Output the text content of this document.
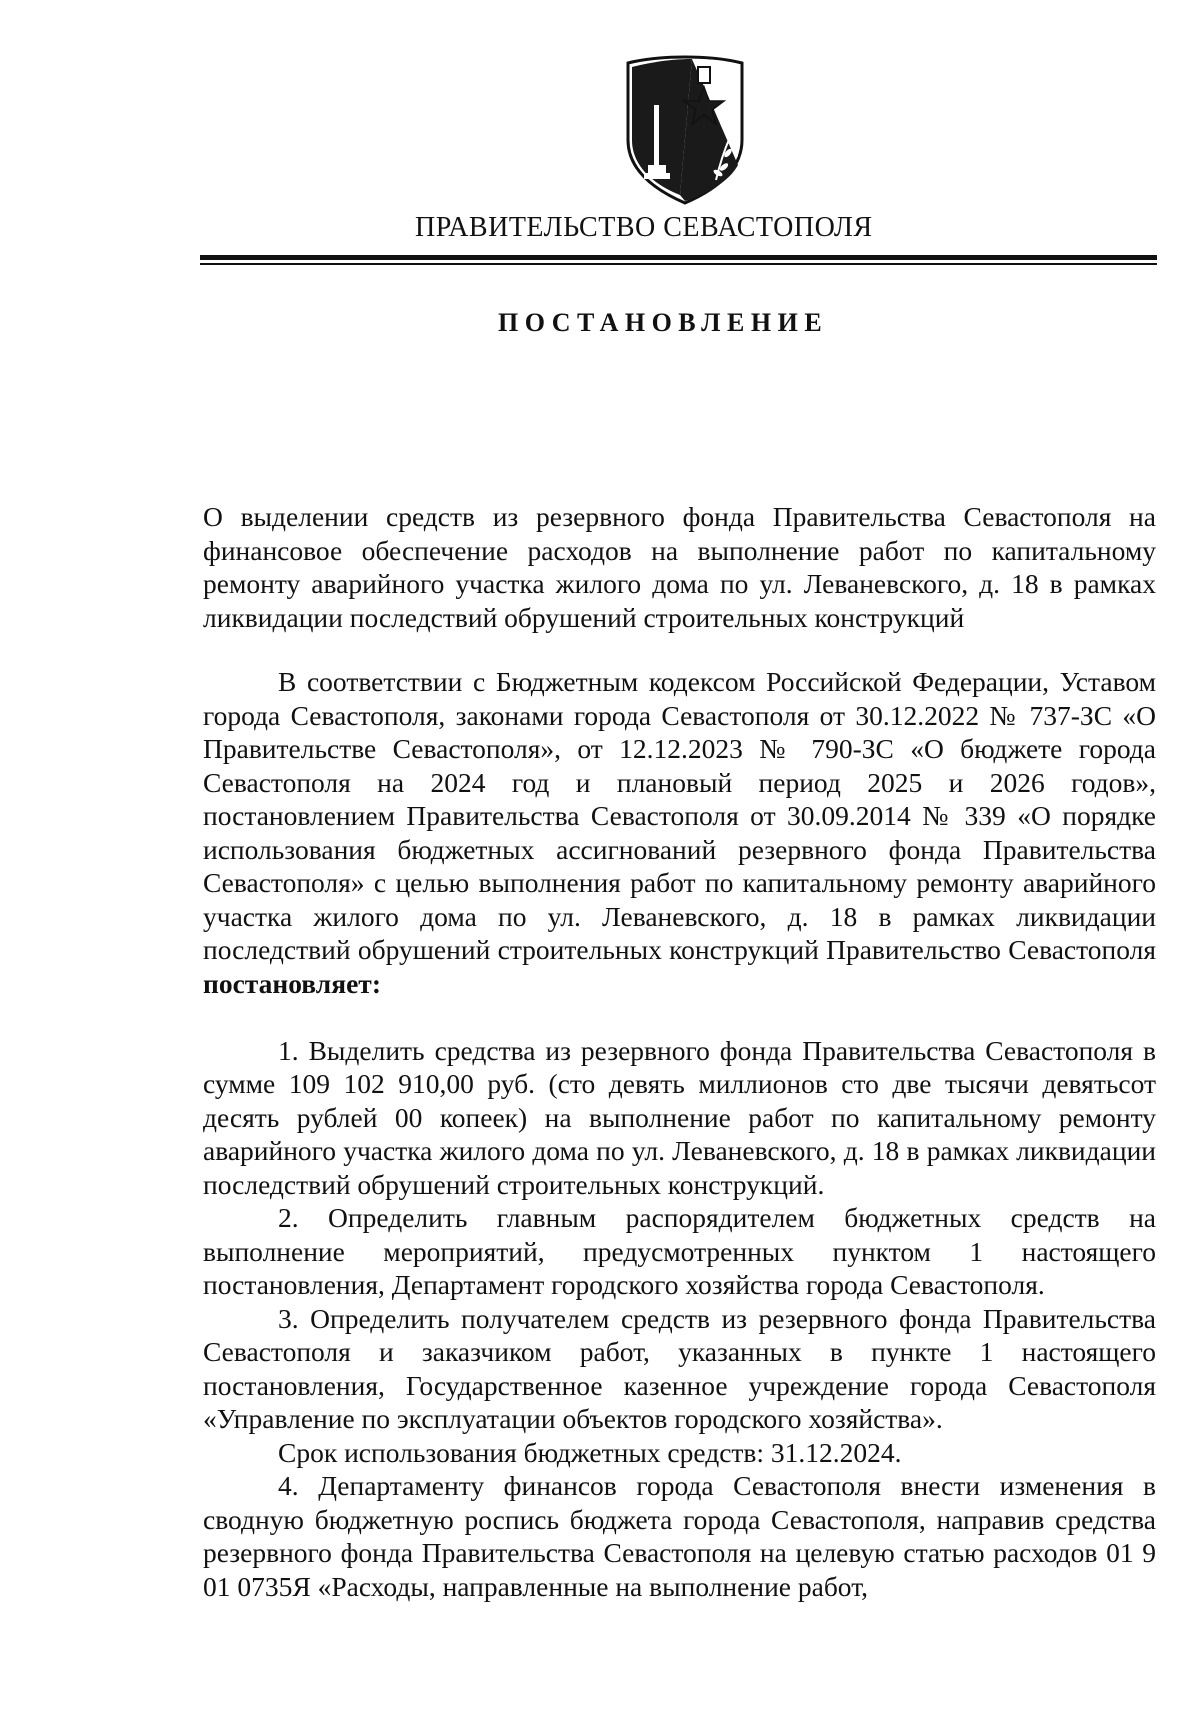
ПРАВИТЕЛЬСТВО СЕВАСТОПОЛЯ
ПОСТАНОВЛЕНИЕ
О выделении средств из резервного фонда Правительства Севастополя на финансовое обеспечение расходов на выполнение работ по капитальному ремонту аварийного участка жилого дома по ул. Леваневского, д. 18 в рамках ликвидации последствий обрушений строительных конструкций

В соответствии с Бюджетным кодексом Российской Федерации, Уставом города Севастополя, законами города Севастополя от 30.12.2022 № 737-ЗС «О Правительстве Севастополя», от 12.12.2023 № 790-ЗС «О бюджете города Севастополя на 2024 год и плановый период 2025 и 2026 годов», постановлением Правительства Севастополя от 30.09.2014 № 339 «О порядке использования бюджетных ассигнований резервного фонда Правительства Севастополя» с целью выполнения работ по капитальному ремонту аварийного участка жилого дома по ул. Леваневского, д. 18 в рамках ликвидации последствий обрушений строительных конструкций Правительство Севастополя постановляет:

1. Выделить средства из резервного фонда Правительства Севастополя в сумме 109 102 910,00 руб. (сто девять миллионов сто две тысячи девятьсот десять рублей 00 копеек) на выполнение работ по капитальному ремонту аварийного участка жилого дома по ул. Леваневского, д. 18 в рамках ликвидации последствий обрушений строительных конструкций.

2. Определить главным распорядителем бюджетных средств на выполнение мероприятий, предусмотренных пунктом 1 настоящего постановления, Департамент городского хозяйства города Севастополя.

3. Определить получателем средств из резервного фонда Правительства Севастополя и заказчиком работ, указанных в пункте 1 настоящего постановления, Государственное казенное учреждение города Севастополя «Управление по эксплуатации объектов городского хозяйства».

Срок использования бюджетных средств: 31.12.2024.

4. Департаменту финансов города Севастополя внести изменения в сводную бюджетную роспись бюджета города Севастополя, направив средства резервного фонда Правительства Севастополя на целевую статью расходов 01 9 01 0735Я «Расходы, направленные на выполнение работ,
